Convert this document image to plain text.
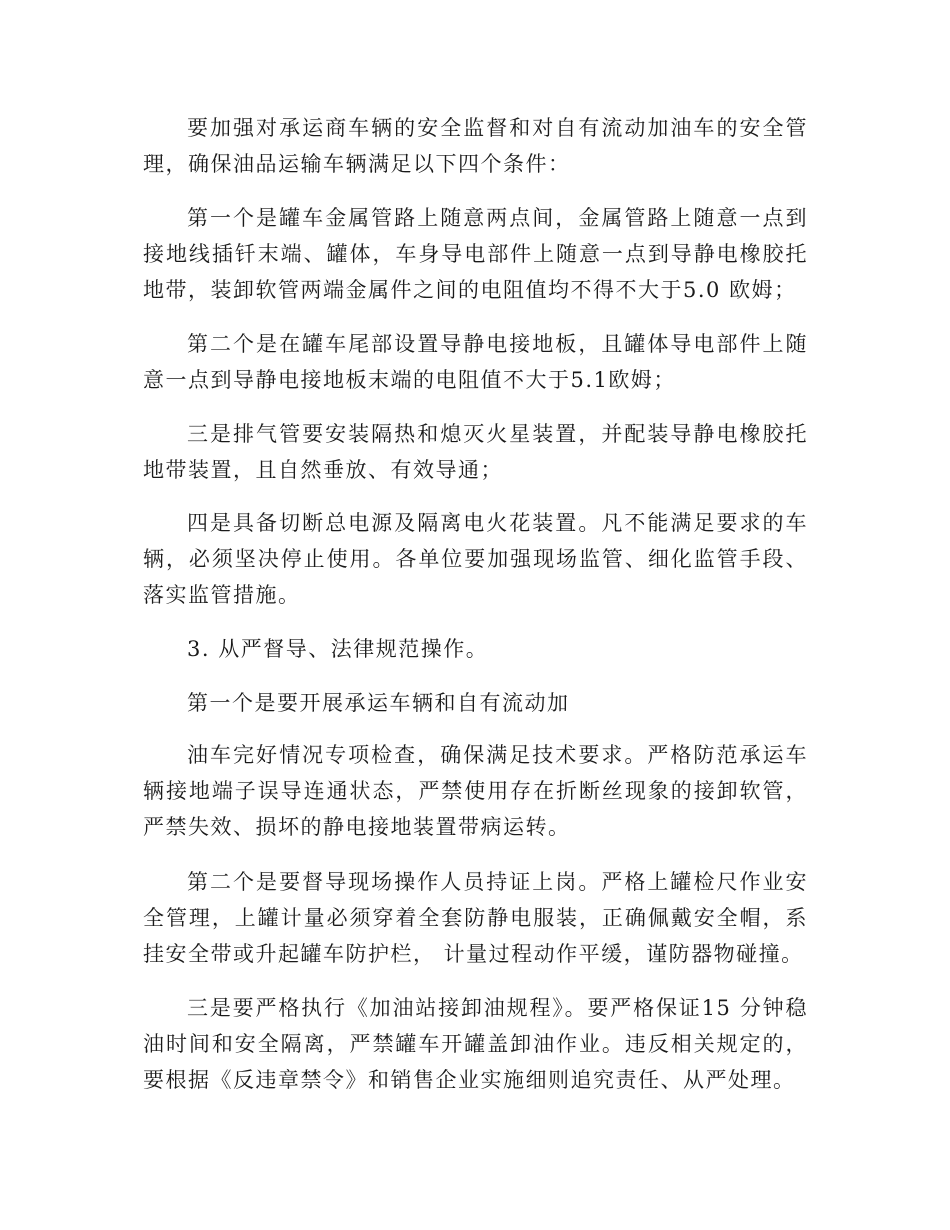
要加强对承运商车辆的安全监督和对自有流动加油车的安全管理，确保油品运输车辆满足以下四个条件：

第一个是罐车金属管路上随意两点间，金属管路上随意一点到接地线插钎末端、罐体，车身导电部件上随意一点到导静电橡胶托地带，装卸软管两端金属件之间的电阻值均不得不大于5.0 欧姆；

第二个是在罐车尾部设置导静电接地板，且罐体导电部件上随意一点到导静电接地板末端的电阻值不大于5.1欧姆；

三是排气管要安装隔热和熄灭火星装置，并配装导静电橡胶托地带装置，且自然垂放、有效导通；

四是具备切断总电源及隔离电火花装置。凡不能满足要求的车辆，必须坚决停止使用。各单位要加强现场监管、细化监管手段、落实监管措施。

3. 从严督导、法律规范操作。

第一个是要开展承运车辆和自有流动加

油车完好情况专项检查，确保满足技术要求。严格防范承运车辆接地端子误导连通状态，严禁使用存在折断丝现象的接卸软管，严禁失效、损坏的静电接地装置带病运转。

第二个是要督导现场操作人员持证上岗。严格上罐检尺作业安全管理，上罐计量必须穿着全套防静电服装，正确佩戴安全帽，系挂安全带或升起罐车防护栏， 计量过程动作平缓，谨防器物碰撞。

三是要严格执行《加油站接卸油规程》。要严格保证15 分钟稳油时间和安全隔离，严禁罐车开罐盖卸油作业。违反相关规定的，要根据《反违章禁令》和销售企业实施细则追究责任、从严处理。
